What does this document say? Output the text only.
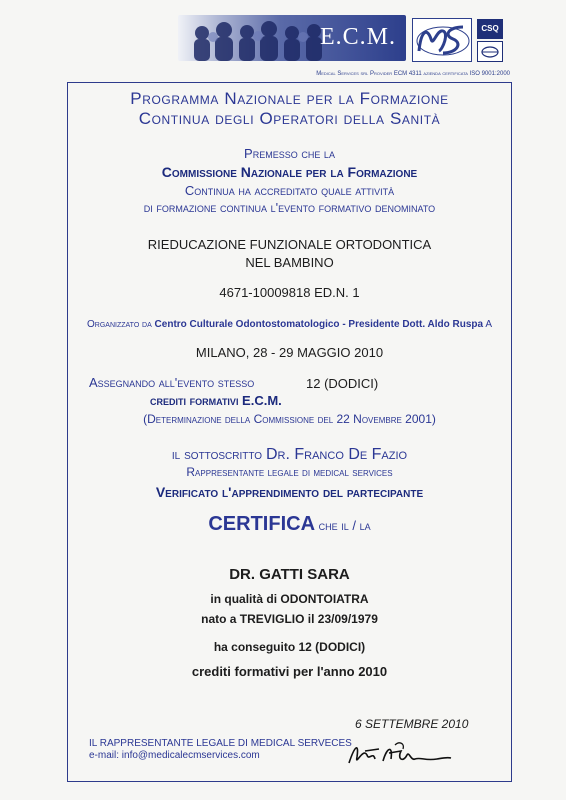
E.C.M.	CSQ
Medical Services srl Provider ECM 4311 azienda certificata ISO 9001:2000
Programma Nazionale per la Formazione
Continua degli Operatori della Sanità
Premesso che la
Commissione Nazionale per la Formazione
Continua ha accreditato quale attività
di formazione continua l'evento formativo denominato
RIEDUCAZIONE FUNZIONALE ORTODONTICA
NEL BAMBINO
4671-10009818 ED.N. 1
Organizzato da Centro Culturale Odontostomatologico - Presidente Dott. Aldo Ruspa A
MILANO, 28 - 29 MAGGIO 2010
Assegnando all'evento stesso	12 (DODICI)
crediti formativi E.C.M.
(Determinazione della Commissione del 22 Novembre 2001)
il sottoscritto Dr. Franco De Fazio
Rappresentante legale di medical services
Verificato l'apprendimento del partecipante
CERTIFICA che il / la
DR. GATTI SARA
in qualità di ODONTOIATRA
nato a TREVIGLIO il 23/09/1979
ha conseguito 12 (DODICI)
crediti formativi per l'anno 2010
6 SETTEMBRE 2010
IL RAPPRESENTANTE LEGALE DI MEDICAL SERVECES
e-mail: info@medicalecmservices.com
